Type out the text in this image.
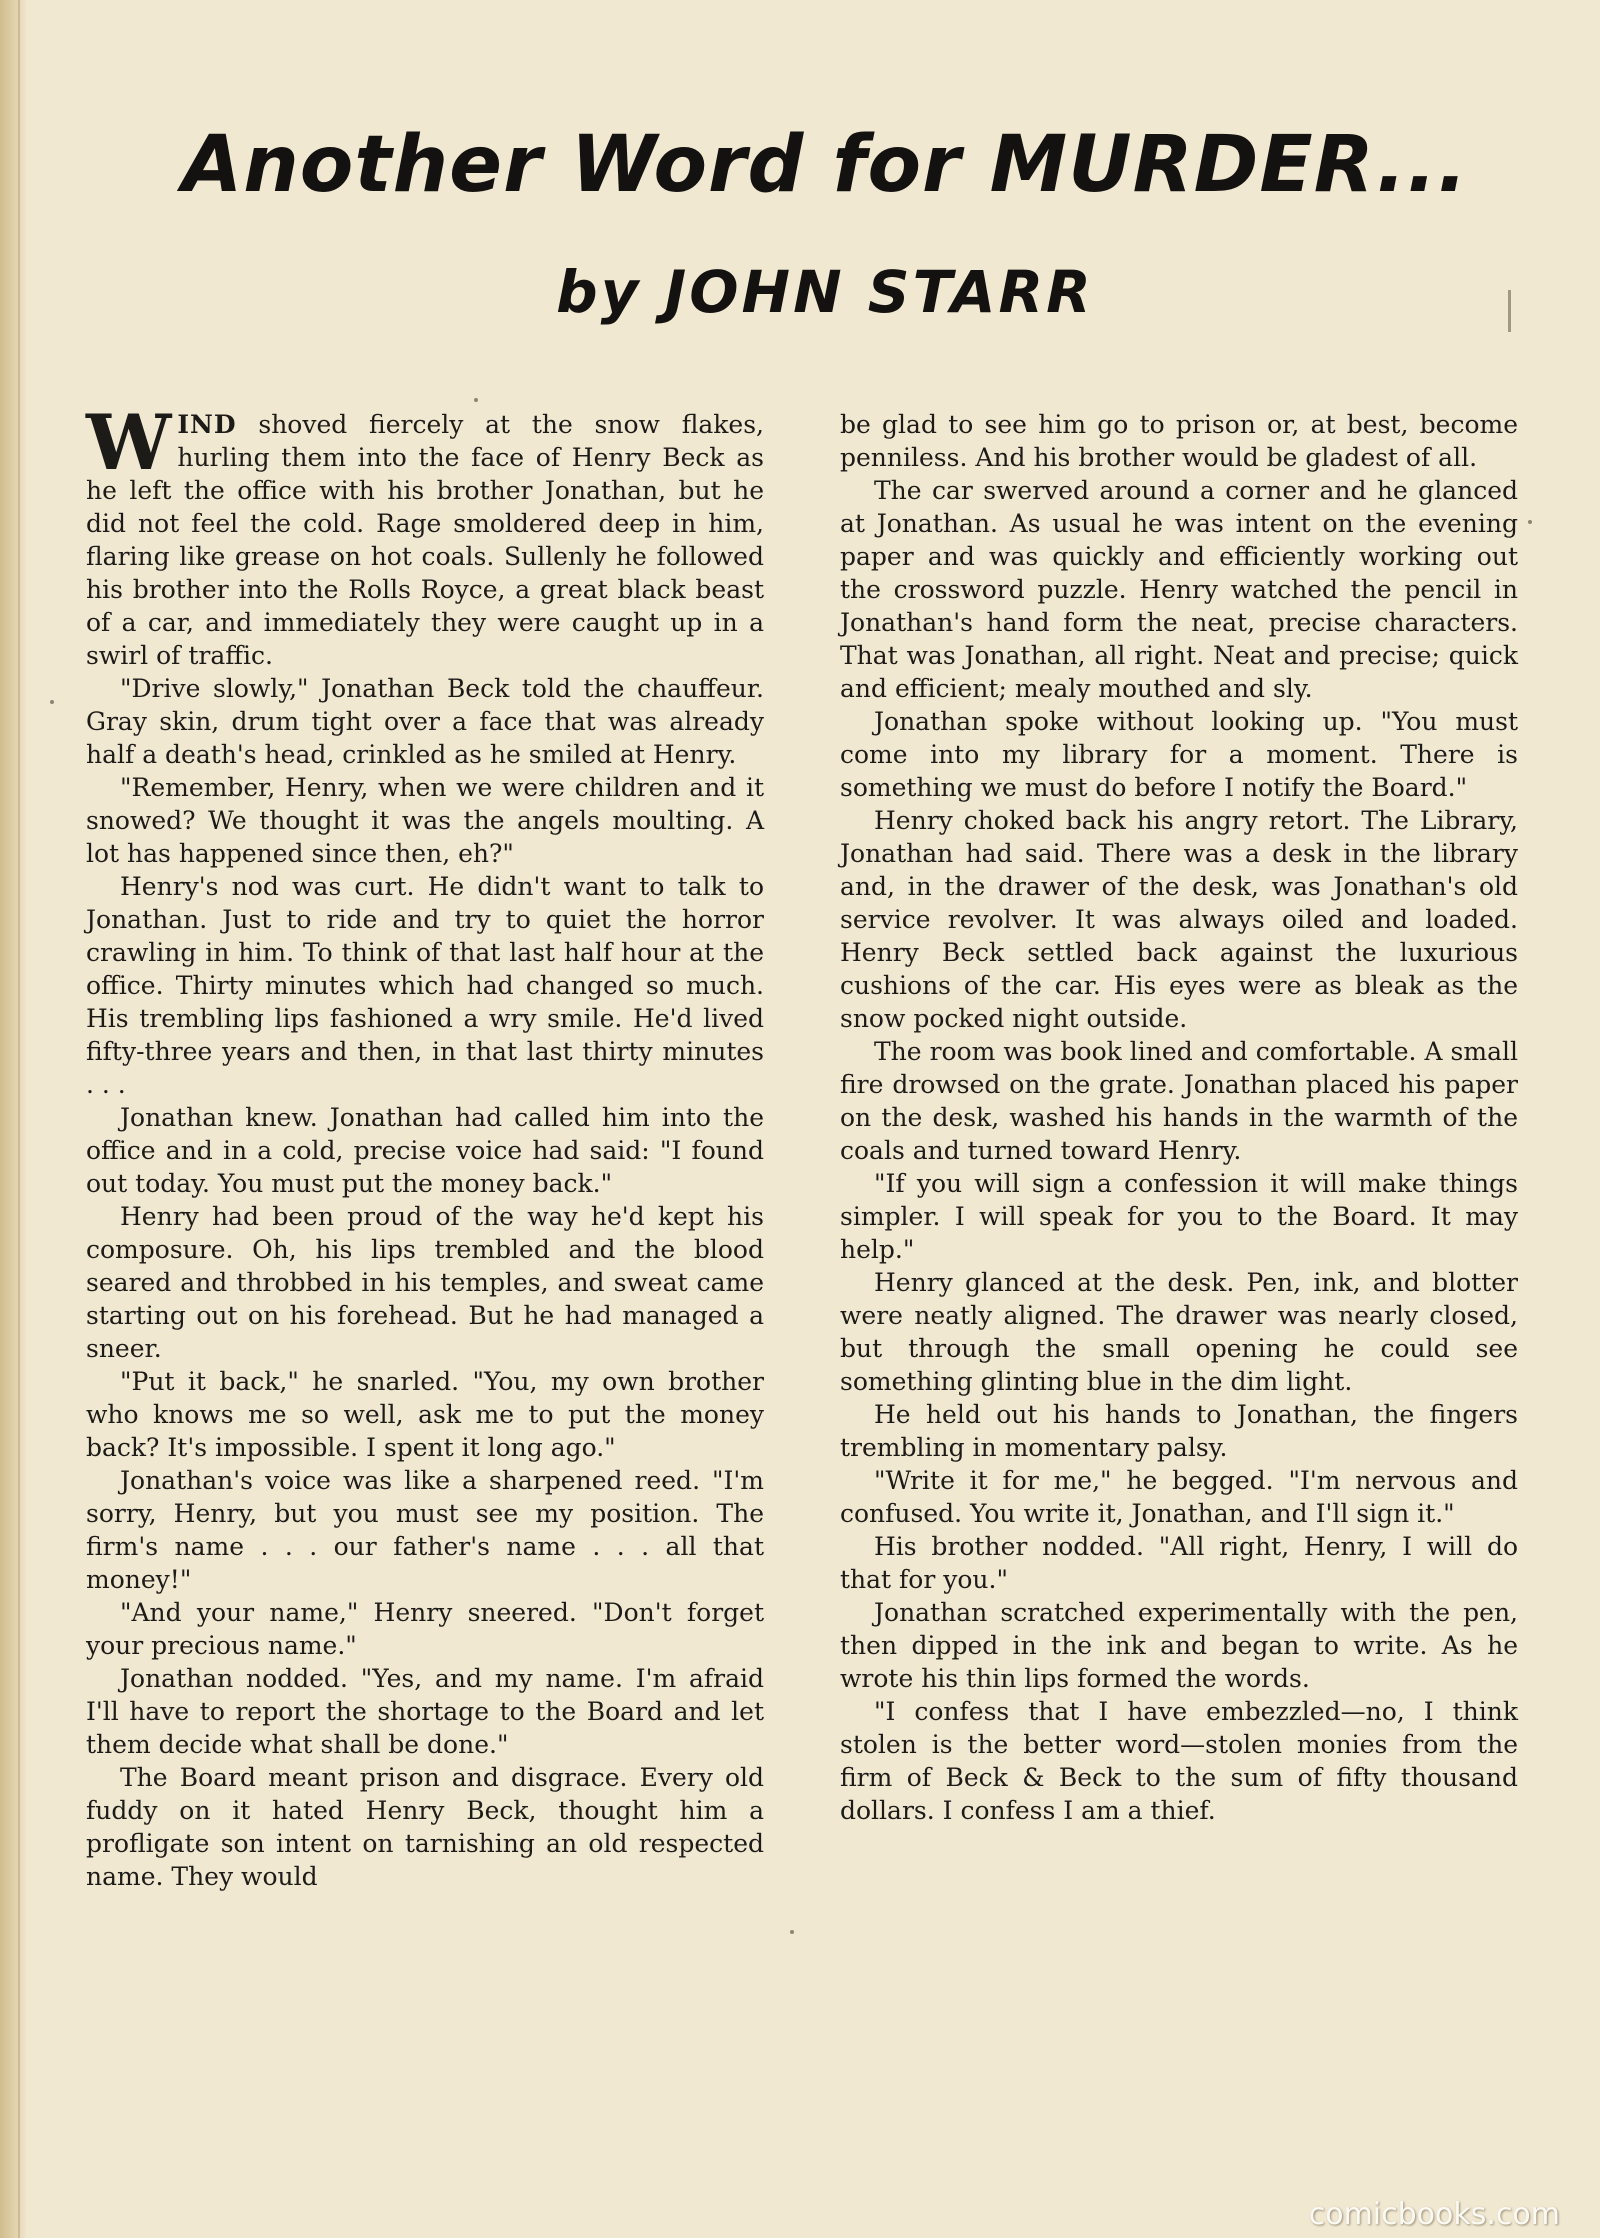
Another Word for MURDER...
by JOHN STARR

WIND shoved fiercely at the snow flakes, hurling them into the face of Henry Beck as he left the office with his brother Jonathan, but he did not feel the cold. Rage smoldered deep in him, flaring like grease on hot coals. Sullenly he followed his brother into the Rolls Royce, a great black beast of a car, and immediately they were caught up in a swirl of traffic.

"Drive slowly," Jonathan Beck told the chauffeur. Gray skin, drum tight over a face that was already half a death's head, crinkled as he smiled at Henry.

"Remember, Henry, when we were children and it snowed? We thought it was the angels moulting. A lot has happened since then, eh?"

Henry's nod was curt. He didn't want to talk to Jonathan. Just to ride and try to quiet the horror crawling in him. To think of that last half hour at the office. Thirty minutes which had changed so much. His trembling lips fashioned a wry smile. He'd lived fifty-three years and then, in that last thirty minutes . . .

Jonathan knew. Jonathan had called him into the office and in a cold, precise voice had said: "I found out today. You must put the money back."

Henry had been proud of the way he'd kept his composure. Oh, his lips trembled and the blood seared and throbbed in his temples, and sweat came starting out on his forehead. But he had managed a sneer.

"Put it back," he snarled. "You, my own brother who knows me so well, ask me to put the money back? It's impossible. I spent it long ago."

Jonathan's voice was like a sharpened reed. "I'm sorry, Henry, but you must see my position. The firm's name . . . our father's name . . . all that money!"

"And your name," Henry sneered. "Don't forget your precious name."

Jonathan nodded. "Yes, and my name. I'm afraid I'll have to report the shortage to the Board and let them decide what shall be done."

The Board meant prison and disgrace. Every old fuddy on it hated Henry Beck, thought him a profligate son intent on tarnishing an old respected name. They would

be glad to see him go to prison or, at best, become penniless. And his brother would be gladest of all.

The car swerved around a corner and he glanced at Jonathan. As usual he was intent on the evening paper and was quickly and efficiently working out the crossword puzzle. Henry watched the pencil in Jonathan's hand form the neat, precise characters. That was Jonathan, all right. Neat and precise; quick and efficient; mealy mouthed and sly.

Jonathan spoke without looking up. "You must come into my library for a moment. There is something we must do before I notify the Board."

Henry choked back his angry retort. The Library, Jonathan had said. There was a desk in the library and, in the drawer of the desk, was Jonathan's old service revolver. It was always oiled and loaded. Henry Beck settled back against the luxurious cushions of the car. His eyes were as bleak as the snow pocked night outside.

The room was book lined and comfortable. A small fire drowsed on the grate. Jonathan placed his paper on the desk, washed his hands in the warmth of the coals and turned toward Henry.

"If you will sign a confession it will make things simpler. I will speak for you to the Board. It may help."

Henry glanced at the desk. Pen, ink, and blotter were neatly aligned. The drawer was nearly closed, but through the small opening he could see something glinting blue in the dim light.

He held out his hands to Jonathan, the fingers trembling in momentary palsy.

"Write it for me," he begged. "I'm nervous and confused. You write it, Jonathan, and I'll sign it."

His brother nodded. "All right, Henry, I will do that for you."

Jonathan scratched experimentally with the pen, then dipped in the ink and began to write. As he wrote his thin lips formed the words.

"I confess that I have embezzled—no, I think stolen is the better word—stolen monies from the firm of Beck & Beck to the sum of fifty thousand dollars. I confess I am a thief.

comicbooks.com
